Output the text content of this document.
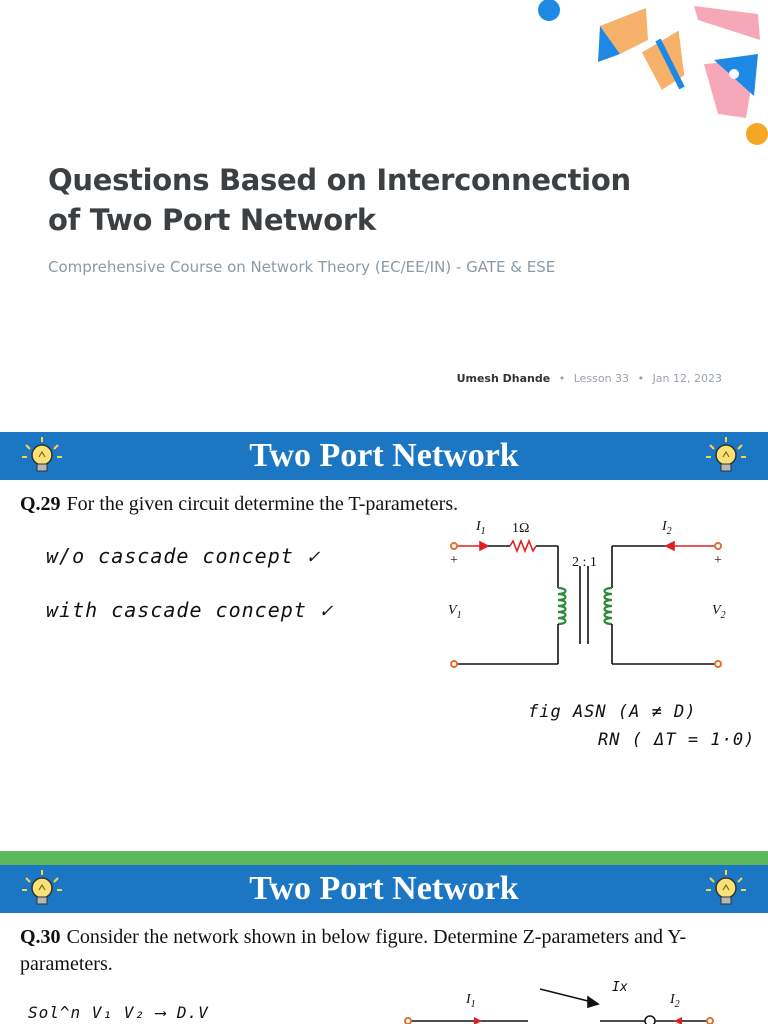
Questions Based on Interconnection
of Two Port Network
Comprehensive Course on Network Theory (EC/EE/IN) - GATE & ESE
Umesh Dhande • Lesson 33 • Jan 12, 2023
Two Port Network
Q.29 For the given circuit determine the T-parameters.
w/o cascade concept ✓
with cascade concept ✓
$I_1$ 1Ω	$I_2$
2 : 1
$V_1$	$V_2$
+	+
fig ASN (A ≠ D)
RN ( ΔT = 1·0)
Two Port Network
Q.30 Consider the network shown in below figure. Determine Z-parameters and Y-parameters.
Sol^n V₁ V₂ ⟶ D.V
$I_1$	$I_2$
Ix
